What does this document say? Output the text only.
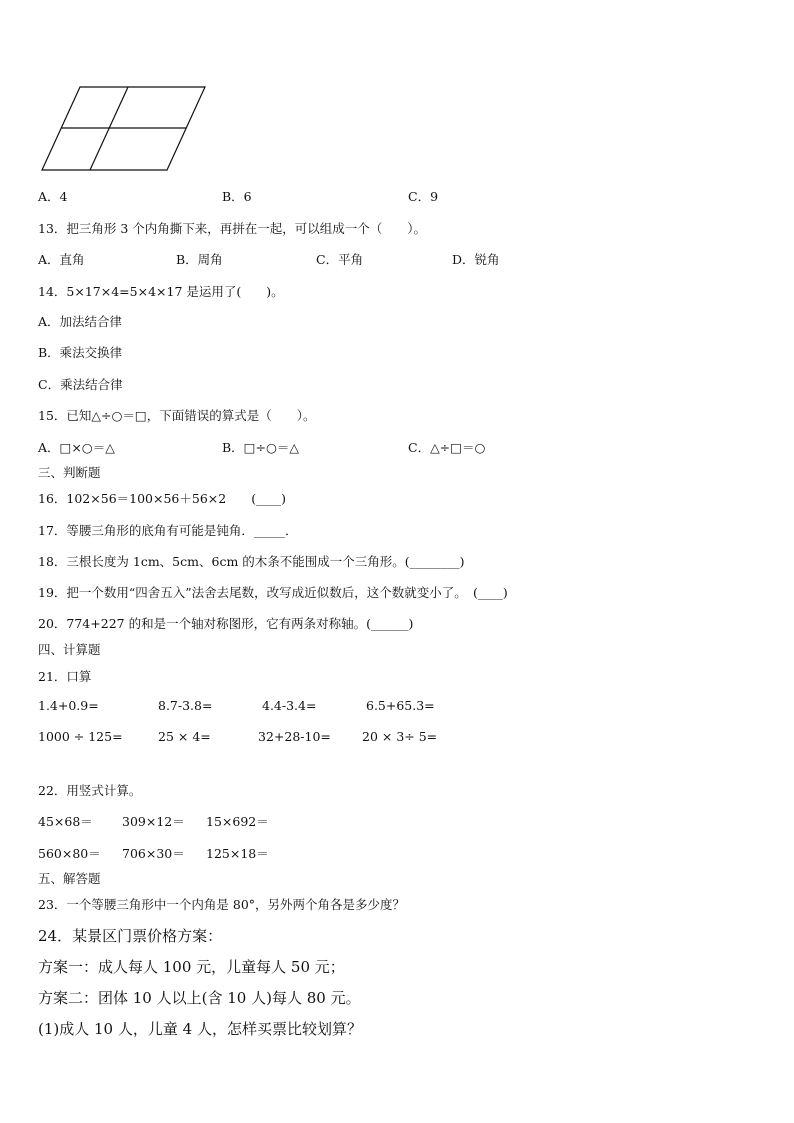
A．4	B．6	C．9
13．把三角形 3 个内角撕下来，再拼在一起，可以组成一个（　　）。
A．直角	B．周角	C．平角	D．锐角
14．5×17×4=5×4×17 是运用了(　　)。
A．加法结合律
B．乘法交换律
C．乘法结合律
15．已知△÷○＝□，下面错误的算式是（　　）。
A．□×○＝△	B．□÷○＝△	C．△÷□＝○
三、判断题
16．102×56＝100×56＋56×2　　(____)
17．等腰三角形的底角有可能是钝角．_____．
18．三根长度为 1cm、5cm、6cm 的木条不能围成一个三角形。(________)
19．把一个数用“四舍五入”法舍去尾数，改写成近似数后，这个数就变小了。　(____)
20．774+227 的和是一个轴对称图形，它有两条对称轴。(______)
四、计算题
21．口算
1.4+0.9=	8.7-3.8=	4.4-3.4=	6.5+65.3=
1000 ÷ 125=	25 × 4=	32+28-10= 20 × 3÷ 5=
22．用竖式计算。
45×68＝ 309×12＝ 15×692＝
560×80＝ 706×30＝ 125×18＝
五、解答题
23．一个等腰三角形中一个内角是 80°，另外两个角各是多少度？
24．某景区门票价格方案：
方案一：成人每人 100 元，儿童每人 50 元；
方案二：团体 10 人以上(含 10 人)每人 80 元。
(1)成人 10 人，儿童 4 人，怎样买票比较划算？
